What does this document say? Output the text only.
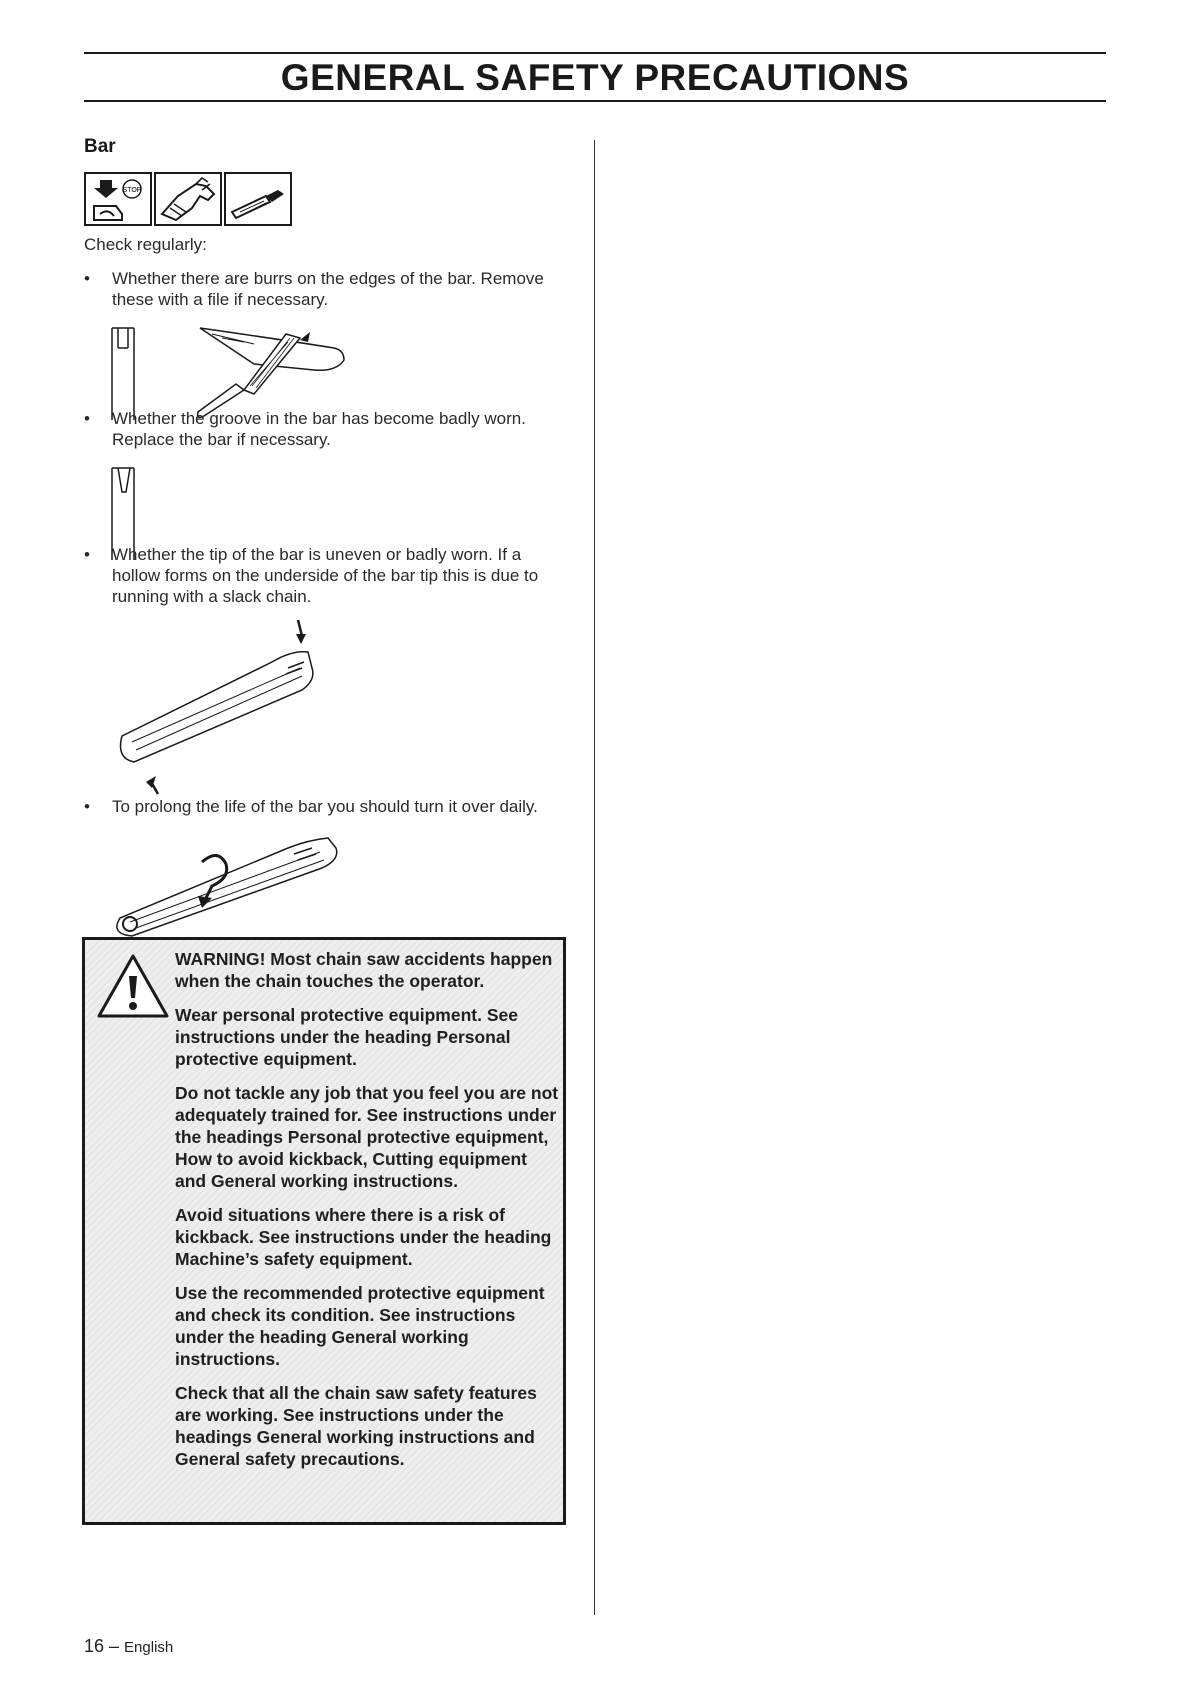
GENERAL SAFETY PRECAUTIONS
Bar
STOP

Check regularly:

•	Whether there are burrs on the edges of the bar. Remove these with a file if necessary.

•	Whether the groove in the bar has become badly worn. Replace the bar if necessary.

•	Whether the tip of the bar is uneven or badly worn. If a hollow forms on the underside of the bar tip this is due to running with a slack chain.

•	To prolong the life of the bar you should turn it over daily.

WARNING! Most chain saw accidents happen when the chain touches the operator.

Wear personal protective equipment. See instructions under the heading Personal protective equipment.

Do not tackle any job that you feel you are not adequately trained for. See instructions under the headings Personal protective equipment, How to avoid kickback, Cutting equipment and General working instructions.

Avoid situations where there is a risk of kickback. See instructions under the heading Machine’s safety equipment.

Use the recommended protective equipment and check its condition. See instructions under the heading General working instructions.

Check that all the chain saw safety features are working. See instructions under the headings General working instructions and General safety precautions.

16 – English
